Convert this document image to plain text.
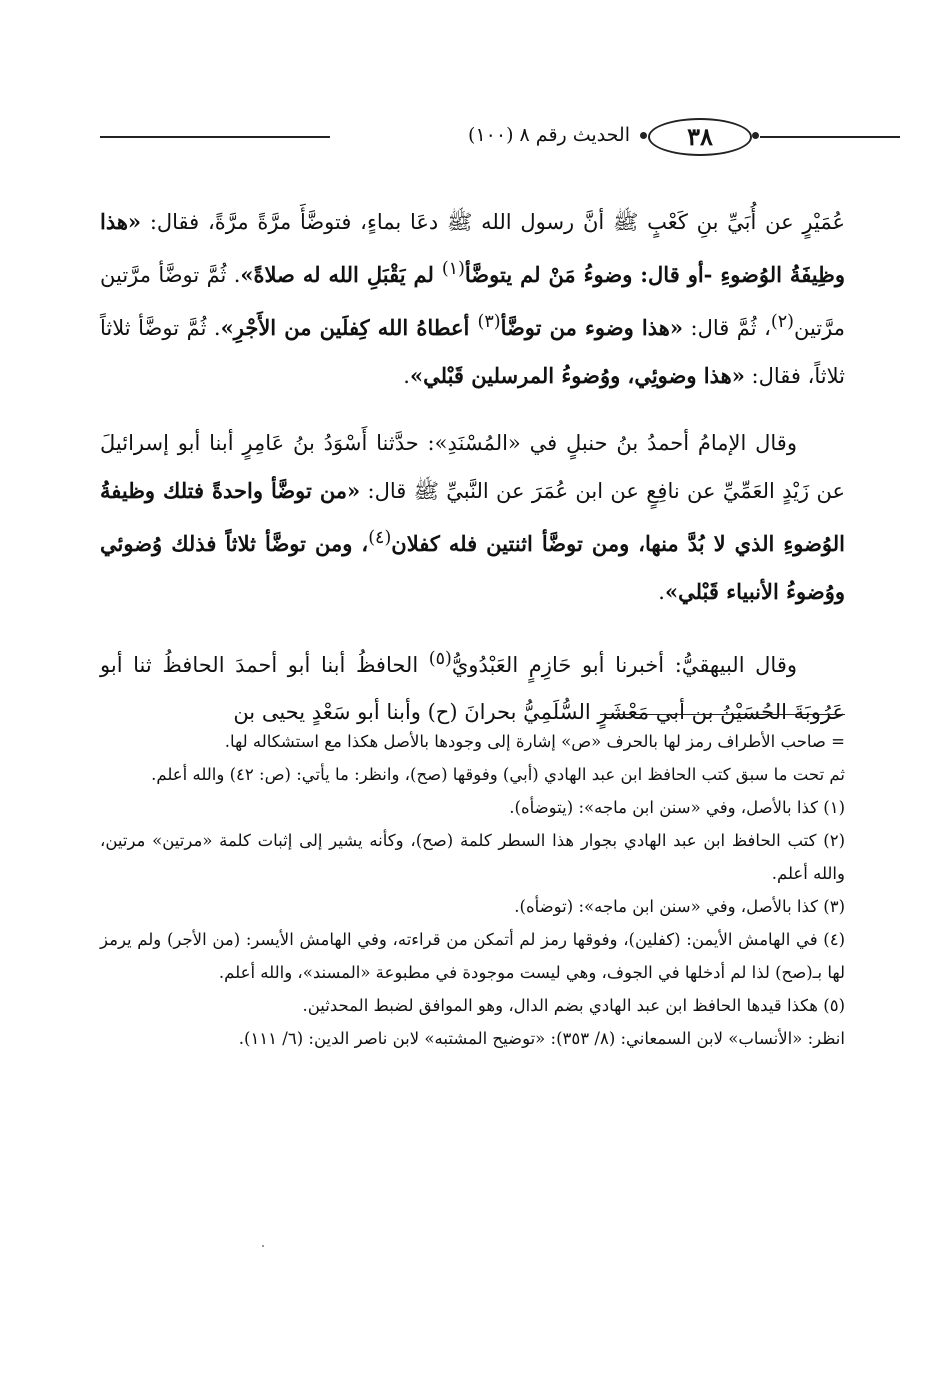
الحديث رقم ٨ (١٠٠)	٣٨

عُمَيْرٍ عن أُبَيِّ بنِ كَعْبٍ ﷺ أنَّ رسول الله ﷺ دعَا بماءٍ، فتوضَّأَ مرَّةً مرَّةً، فقال: «هذا وظِيفَةُ الوُضوءِ -أو قال: وضوءُ مَنْ لم يتوضَّأ$^{(١)}$ لم يَقْبَلِ الله له صلاةً». ثُمَّ توضَّأ مرَّتين مرَّتين$^{(٢)}$، ثُمَّ قال: «هذا وضوء من توضَّأ$^{(٣)}$ أعطاهُ الله كِفلَين من الأَجْرِ». ثُمَّ توضَّأ ثلاثاً ثلاثاً، فقال: «هذا وضوئِي، ووُضوءُ المرسلين قَبْلي».

وقال الإمامُ أحمدُ بنُ حنبلٍ في «المُسْنَدِ»: حدَّثنا أَسْوَدُ بنُ عَامِرٍ أبنا أبو إسرائيلَ عن زَيْدٍ العَمِّيِّ عن نافِعٍ عن ابن عُمَرَ عن النَّبيِّ ﷺ قال: «من توضَّأ واحدةً فتلك وظيفةُ الوُضوءِ الذي لا بُدَّ منها، ومن توضَّأ اثنتين فله كفلان$^{(٤)}$، ومن توضَّأ ثلاثاً فذلك وُضوئي ووُضوءُ الأنبياء قَبْلي».

وقال البيهقيُّ: أخبرنا أبو حَازِمٍ العَبْدُويُّ$^{(٥)}$ الحافظُ أبنا أبو أحمدَ الحافظُ ثنا أبو عَرُوبَةَ الحُسَيْنُ بن أبي مَعْشَرٍ السُّلَمِيُّ بحرانَ (ح) وأبنا أبو سَعْدٍ يحيى بن

= صاحب الأطراف رمز لها بالحرف «ص» إشارة إلى وجودها بالأصل هكذا مع استشكاله لها.

ثم تحت ما سبق كتب الحافظ ابن عبد الهادي (أبي) وفوقها (صح)، وانظر: ما يأتي: (ص: ٤٢) والله أعلم.

(١) كذا بالأصل، وفي «سنن ابن ماجه»: (يتوضأه).

(٢) كتب الحافظ ابن عبد الهادي بجوار هذا السطر كلمة (صح)، وكأنه يشير إلى إثبات كلمة «مرتين» مرتين، والله أعلم.

(٣) كذا بالأصل، وفي «سنن ابن ماجه»: (توضأه).

(٤) في الهامش الأيمن: (كفلين)، وفوقها رمز لم أتمكن من قراءته، وفي الهامش الأيسر: (من الأجر) ولم يرمز لها بـ(صح) لذا لم أدخلها في الجوف، وهي ليست موجودة في مطبوعة «المسند»، والله أعلم.

(٥) هكذا قيدها الحافظ ابن عبد الهادي بضم الدال، وهو الموافق لضبط المحدثين.

انظر: «الأنساب» لابن السمعاني: (٨/ ٣٥٣): «توضيح المشتبه» لابن ناصر الدين: (٦/ ١١١).
